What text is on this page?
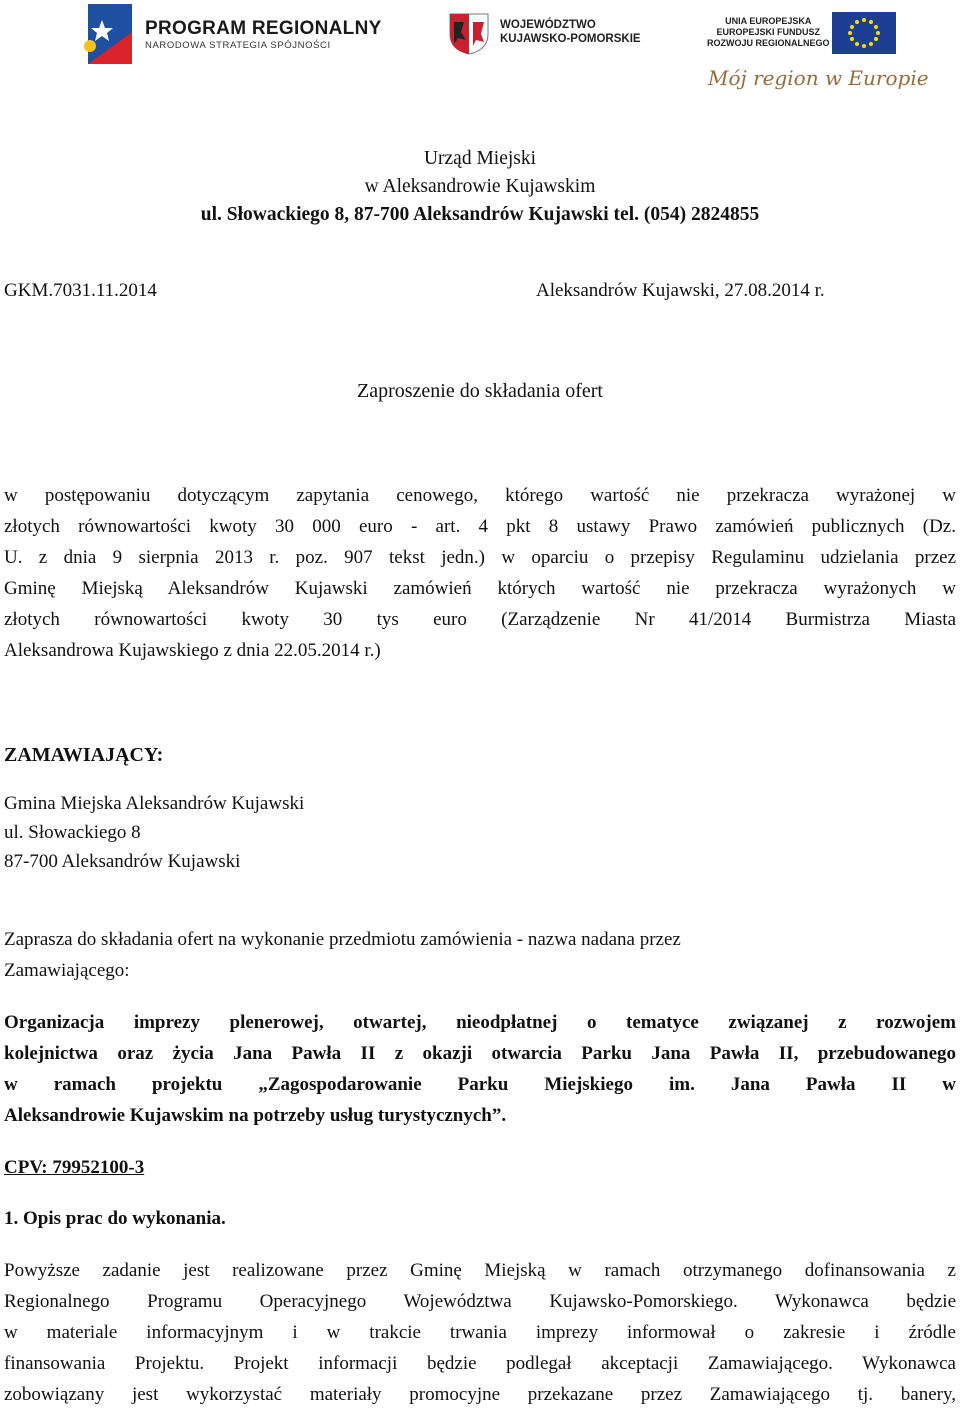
PROGRAM REGIONALNY
NARODOWA STRATEGIA SPÓJNOŚCI
WOJEWÓDZTWO
KUJAWSKO-POMORSKIE
UNIA EUROPEJSKA
EUROPEJSKI FUNDUSZ
ROZWOJU REGIONALNEGO
Mój region w Europie
Urząd Miejski
w Aleksandrowie Kujawskim
ul. Słowackiego 8, 87-700 Aleksandrów Kujawski tel. (054) 2824855
GKM.7031.11.2014	Aleksandrów Kujawski, 27.08.2014 r.
Zaproszenie do składania ofert
w postępowaniu dotyczącym zapytania cenowego, którego wartość nie przekracza wyrażonej w
złotych równowartości kwoty 30 000 euro - art. 4 pkt 8 ustawy Prawo zamówień publicznych (Dz.
U. z dnia 9 sierpnia 2013 r. poz. 907 tekst jedn.) w oparciu o przepisy Regulaminu udzielania przez
Gminę Miejską Aleksandrów Kujawski zamówień których wartość nie przekracza wyrażonych w
złotych równowartości kwoty 30 tys euro (Zarządzenie Nr 41/2014 Burmistrza Miasta
Aleksandrowa Kujawskiego z dnia 22.05.2014 r.)
ZAMAWIAJĄCY:
Gmina Miejska Aleksandrów Kujawski
ul. Słowackiego 8
87-700 Aleksandrów Kujawski
Zaprasza do składania ofert na wykonanie przedmiotu zamówienia - nazwa nadana przez
Zamawiającego:
Organizacja imprezy plenerowej, otwartej, nieodpłatnej o tematyce związanej z rozwojem
kolejnictwa oraz życia Jana Pawła II z okazji otwarcia Parku Jana Pawła II, przebudowanego
w ramach projektu „Zagospodarowanie Parku Miejskiego im. Jana Pawła II w
Aleksandrowie Kujawskim na potrzeby usług turystycznych”.
CPV: 79952100-3
1. Opis prac do wykonania.
Powyższe zadanie jest realizowane przez Gminę Miejską w ramach otrzymanego dofinansowania z
Regionalnego Programu Operacyjnego Województwa Kujawsko-Pomorskiego. Wykonawca będzie
w materiale informacyjnym i w trakcie trwania imprezy informował o zakresie i źródle
finansowania Projektu. Projekt informacji będzie podlegał akceptacji Zamawiającego. Wykonawca
zobowiązany jest wykorzystać materiały promocyjne przekazane przez Zamawiającego tj. banery,
